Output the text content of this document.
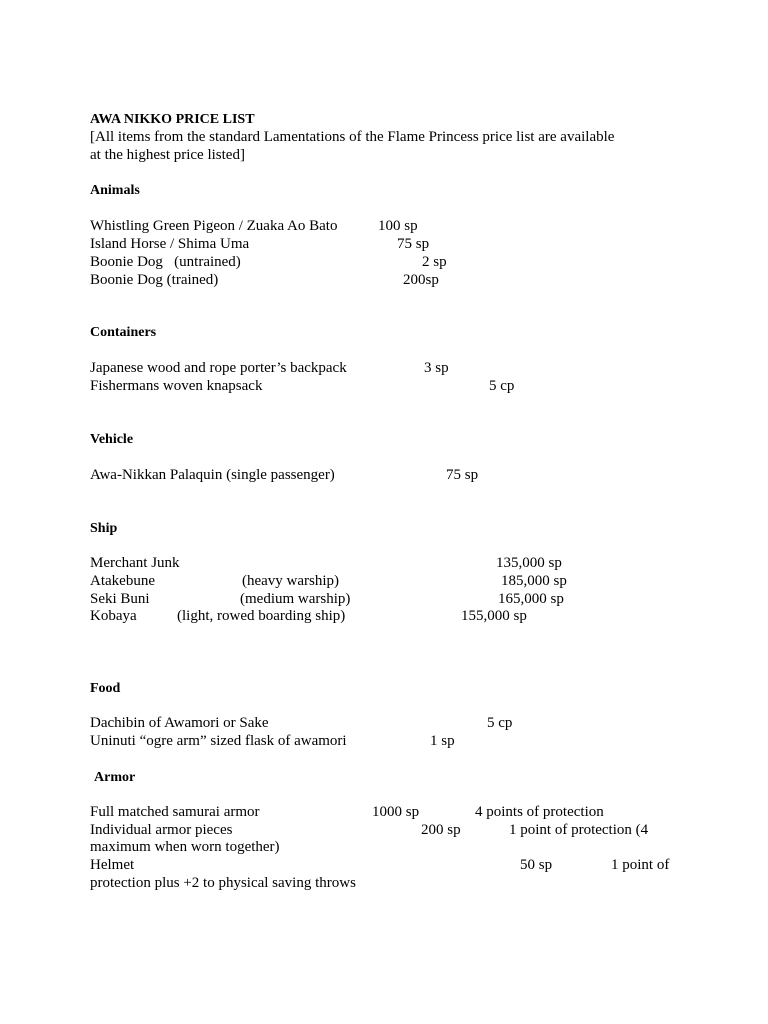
AWA NIKKO PRICE LIST
[All items from the standard Lamentations of the Flame Princess price list are available
at the highest price listed]
Animals
Whistling Green Pigeon / Zuaka Ao Bato	100 sp
Island Horse / Shima Uma	75 sp
Boonie Dog   (untrained)	2 sp
Boonie Dog (trained)	200sp
Containers
Japanese wood and rope porter’s backpack	3 sp
Fishermans woven knapsack	5 cp
Vehicle
Awa-Nikkan Palaquin (single passenger)	75 sp
Ship
Merchant Junk	135,000 sp
Atakebune	(heavy warship)	185,000 sp
Seki Buni	(medium warship)	165,000 sp
Kobaya	(light, rowed boarding ship)	155,000 sp
Food
Dachibin of Awamori or Sake	5 cp
Uninuti “ogre arm” sized flask of awamori	1 sp
Armor
Full matched samurai armor	1000 sp	4 points of protection
Individual armor pieces	200 sp	1 point of protection (4
maximum when worn together)
Helmet	50 sp	1 point of
protection plus +2 to physical saving throws
